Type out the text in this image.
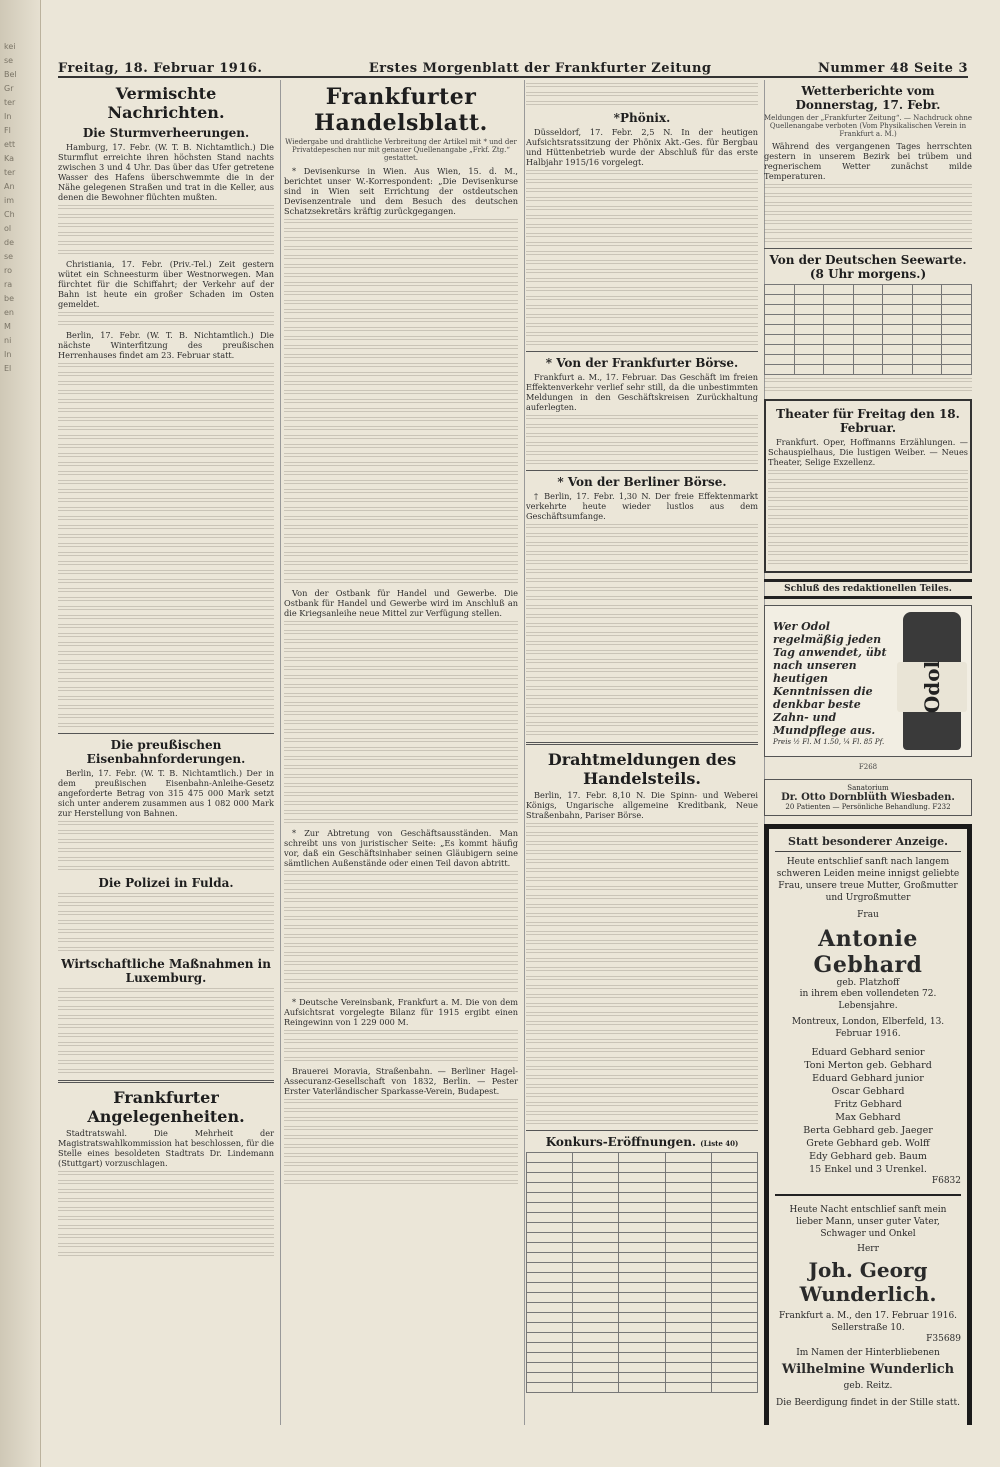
kei
se
Bel
Gr
ter
In
Fl
ett
Ka
ter
An
im
Ch
ol
de
se
ro
ra
be
en
M
ni
In
El
Freitag, 18. Februar 1916.	Erstes Morgenblatt der Frankfurter Zeitung	Nummer 48 Seite 3
Vermischte Nachrichten.
Die Sturmverheerungen.

Hamburg, 17. Febr. (W. T. B. Nichtamtlich.) Die Sturmflut erreichte ihren höchsten Stand nachts zwischen 3 und 4 Uhr. Das über das Ufer getretene Wasser des Hafens überschwemmte die in der Nähe gelegenen Straßen und trat in die Keller, aus denen die Bewohner flüchten mußten.

Christiania, 17. Febr. (Priv.-Tel.) Zeit gestern wütet ein Schneesturm über Westnorwegen. Man fürchtet für die Schiffahrt; der Verkehr auf der Bahn ist heute ein großer Schaden im Osten gemeldet.

Berlin, 17. Febr. (W. T. B. Nichtamtlich.) Die nächste Winterfitzung des preußischen Herrenhauses findet am 23. Februar statt.

Die preußischen Eisenbahnforderungen.

Berlin, 17. Febr. (W. T. B. Nichtamtlich.) Der in dem preußischen Eisenbahn-Anleihe-Gesetz angeforderte Betrag von 315 475 000 Mark setzt sich unter anderem zusammen aus 1 082 000 Mark zur Herstellung von Bahnen.

Die Polizei in Fulda.
Wirtschaftliche Maßnahmen in Luxemburg.
Frankfurter Angelegenheiten.

Stadtratswahl. Die Mehrheit der Magistratswahlkommission hat beschlossen, für die Stelle eines besoldeten Stadtrats Dr. Lindemann (Stuttgart) vorzuschlagen.

Frankfurter Handelsblatt.
Wiedergabe und drahtliche Verbreitung der Artikel mit * und der Privatdepeschen nur mit genauer Quellenangabe „Frkf. Ztg.“ gestattet.

* Devisenkurse in Wien. Aus Wien, 15. d. M., berichtet unser W.-Korrespondent: „Die Devisenkurse sind in Wien seit Errichtung der ostdeutschen Devisenzentrale und dem Besuch des deutschen Schatzsekretärs kräftig zurückgegangen.

Von der Ostbank für Handel und Gewerbe. Die Ostbank für Handel und Gewerbe wird im Anschluß an die Kriegsanleihe neue Mittel zur Verfügung stellen.

* Zur Abtretung von Geschäftsausständen. Man schreibt uns von juristischer Seite: „Es kommt häufig vor, daß ein Geschäftsinhaber seinen Gläubigern seine sämtlichen Außenstände oder einen Teil davon abtritt.

* Deutsche Vereinsbank, Frankfurt a. M. Die von dem Aufsichtsrat vorgelegte Bilanz für 1915 ergibt einen Reingewinn von 1 229 000 M.

Brauerei Moravia, Straßenbahn. — Berliner Hagel-Assecuranz-Gesellschaft von 1832, Berlin. — Pester Erster Vaterländischer Sparkasse-Verein, Budapest.

*Phönix.

Düsseldorf, 17. Febr. 2,5 N. In der heutigen Aufsichtsratssitzung der Phönix Akt.-Ges. für Bergbau und Hüttenbetrieb wurde der Abschluß für das erste Halbjahr 1915/16 vorgelegt.

* Von der Frankfurter Börse.

Frankfurt a. M., 17. Februar. Das Geschäft im freien Effektenverkehr verlief sehr still, da die unbestimmten Meldungen in den Geschäftskreisen Zurückhaltung auferlegten.

* Von der Berliner Börse.

† Berlin, 17. Febr. 1,30 N. Der freie Effektenmarkt verkehrte heute wieder lustlos aus dem Geschäftsumfange.

Drahtmeldungen des Handelsteils.

Berlin, 17. Febr. 8,10 N. Die Spinn- und Weberei Königs, Ungarische allgemeine Kreditbank, Neue Straßenbahn, Pariser Börse.

Konkurs-Eröffnungen. (Liste 40)

Wetterberichte vom Donnerstag, 17. Febr.
Meldungen der „Frankfurter Zeitung“. — Nachdruck ohne Quellenangabe verboten (Vom Physikalischen Verein in Frankfurt a. M.)

Während des vergangenen Tages herrschten gestern in unserem Bezirk bei trübem und regnerischem Wetter zunächst milde Temperaturen.

Von der Deutschen Seewarte. (8 Uhr morgens.)

Theater für Freitag den 18. Februar.

Frankfurt. Oper, Hoffmanns Erzählungen. — Schauspielhaus, Die lustigen Weiber. — Neues Theater, Selige Exzellenz.

Schluß des redaktionellen Teiles.
Wer Odol regelmäßig jeden Tag anwendet, übt nach unseren heutigen Kenntnissen die denkbar beste Zahn- und Mundpflege aus.
Preis ½ Fl. M 1.50, ¼ Fl. 85 Pf.
Odol
F268
Sanatorium
Dr. Otto Dornblüth Wiesbaden.
20 Patienten — Persönliche Behandlung. F232
Statt besonderer Anzeige.
Heute entschlief sanft nach langem schweren Leiden meine innigst geliebte Frau, unsere treue Mutter, Großmutter und Urgroßmutter
Frau
Antonie Gebhard
geb. Platzhoff
in ihrem eben vollendeten 72. Lebensjahre.
Montreux, London, Elberfeld, 13. Februar 1916.
Eduard Gebhard senior
Toni Merton geb. Gebhard
Eduard Gebhard junior
Oscar Gebhard
Fritz Gebhard
Max Gebhard
Berta Gebhard geb. Jaeger
Grete Gebhard geb. Wolff
Edy Gebhard geb. Baum
15 Enkel und 3 Urenkel.
F6832
Heute Nacht entschlief sanft mein lieber Mann, unser guter Vater, Schwager und Onkel
Herr
Joh. Georg Wunderlich.
Frankfurt a. M., den 17. Februar 1916. Sellerstraße 10.
F35689
Im Namen der Hinterbliebenen
Wilhelmine Wunderlich
geb. Reitz.
Die Beerdigung findet in der Stille statt.
